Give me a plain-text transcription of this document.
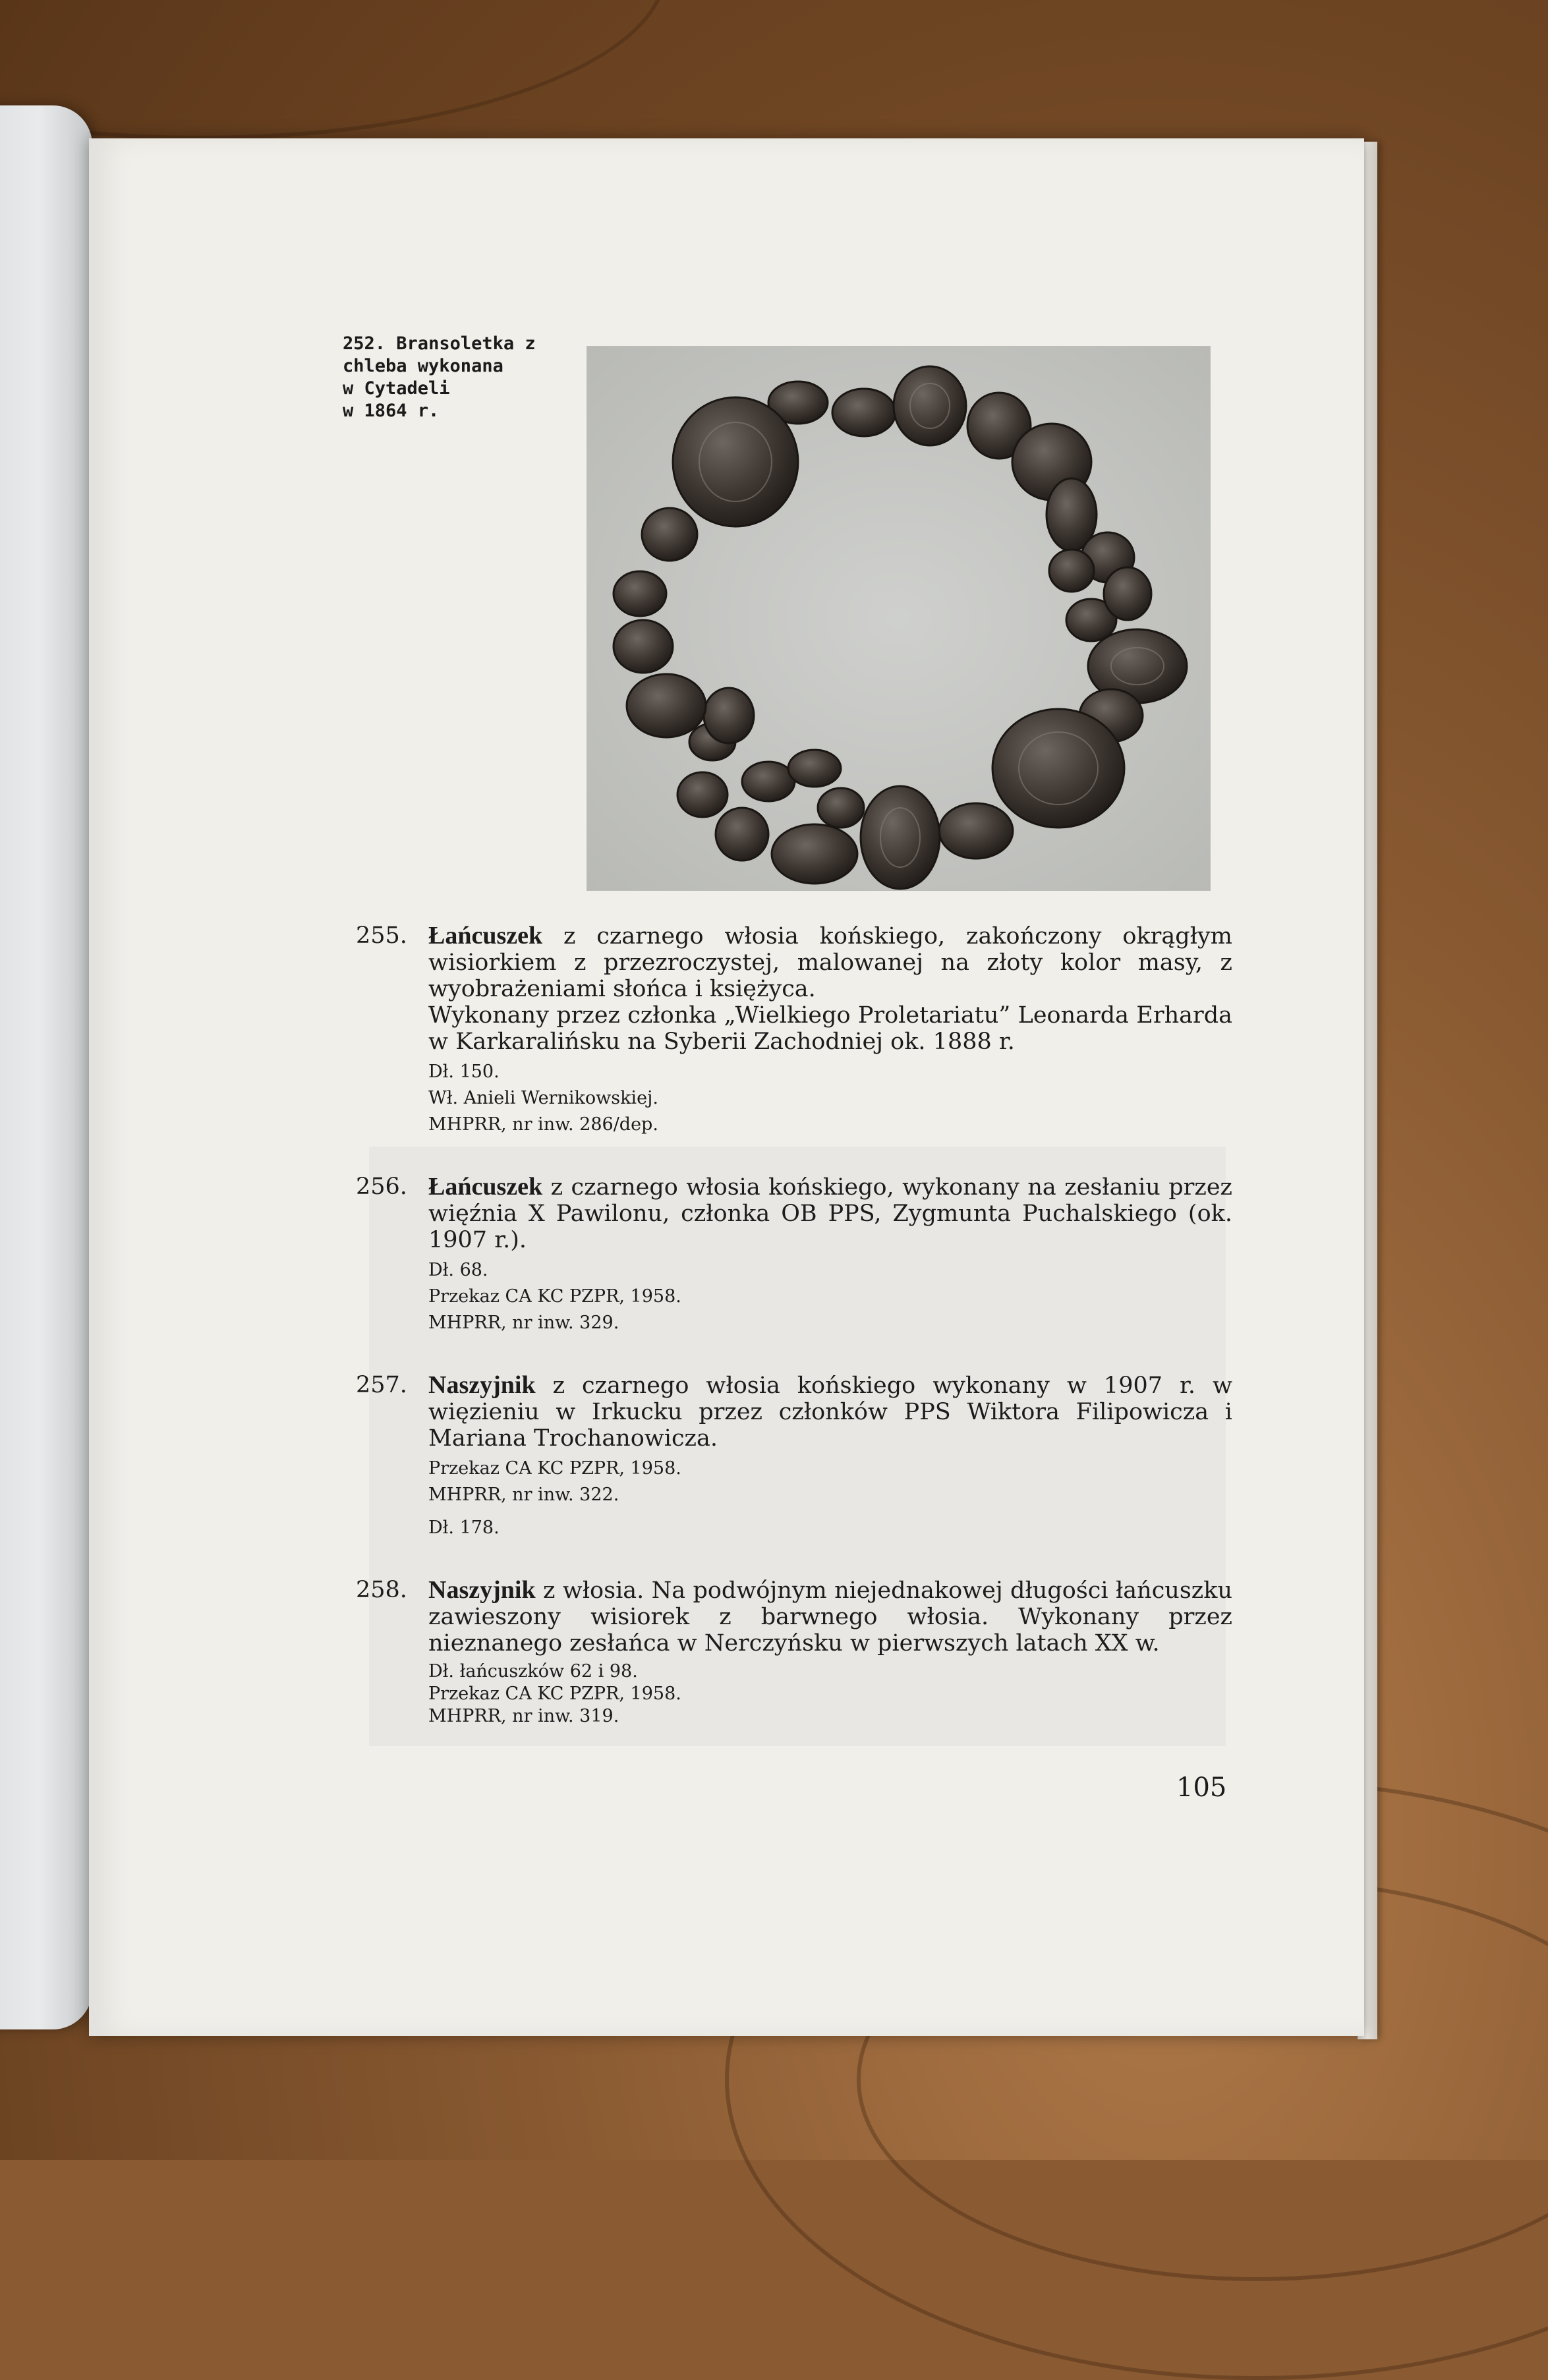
252. Bransoletka z
chleba wykonana
w Cytadeli
w 1864 r.
255. Łańcuszek z czarnego włosia końskiego, zakończony okrągłym wisiorkiem z przezroczystej, malowanej na złoty kolor masy, z wyobrażeniami słońca i księżyca.
Wykonany przez członka „Wielkiego Proletariatu” Leonarda Erharda w Karkaralińsku na Syberii Zachodniej ok. 1888 r.

Dł. 150.
Wł. Anieli Wernikowskiej.
MHPRR, nr inw. 286/dep.
256. Łańcuszek z czarnego włosia końskiego, wykonany na zesłaniu przez więźnia X Pawilonu, członka OB PPS, Zygmunta Puchalskiego (ok. 1907 r.).

Dł. 68.
Przekaz CA KC PZPR, 1958.
MHPRR, nr inw. 329.
257. Naszyjnik z czarnego włosia końskiego wykonany w 1907 r. w więzieniu w Irkucku przez członków PPS Wiktora Filipowicza i Mariana Trochanowicza.

Przekaz CA KC PZPR, 1958.
MHPRR, nr inw. 322.
Dł. 178.
258. Naszyjnik z włosia. Na podwójnym niejednakowej długości łańcuszku zawieszony wisiorek z barwnego włosia. Wykonany przez nieznanego zesłańca w Nerczyńsku w pierwszych latach XX w.

Dł. łańcuszków 62 i 98.
Przekaz CA KC PZPR, 1958.
MHPRR, nr inw. 319.
105
